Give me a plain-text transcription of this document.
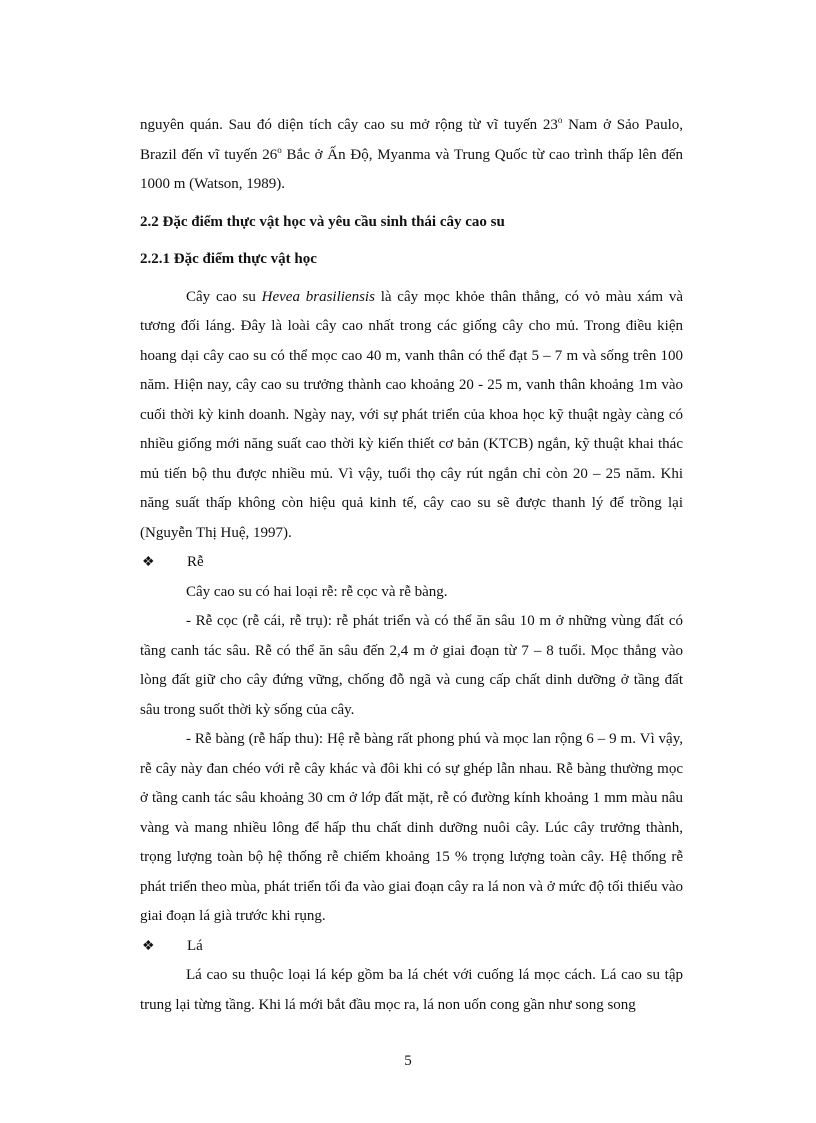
nguyên quán. Sau đó diện tích cây cao su mở rộng từ vĩ tuyến 23$^o$ Nam ở Sảo Paulo, Brazil đến vĩ tuyến 26$^o$ Bắc ở Ấn Độ, Myanma và Trung Quốc từ cao trình thấp lên đến 1000 m (Watson, 1989).

2.2 Đặc điểm thực vật học và yêu cầu sinh thái cây cao su
2.2.1 Đặc điểm thực vật học

Cây cao su Hevea brasiliensis là cây mọc khỏe thân thẳng, có vỏ màu xám và tương đối láng. Đây là loài cây cao nhất trong các giống cây cho mủ. Trong điều kiện hoang dại cây cao su có thể mọc cao 40 m, vanh thân có thể đạt 5 – 7 m và sống trên 100 năm. Hiện nay, cây cao su trưởng thành cao khoảng 20 - 25 m, vanh thân khoảng 1m vào cuối thời kỳ kinh doanh. Ngày nay, với sự phát triển của khoa học kỹ thuật ngày càng có nhiều giống mới năng suất cao thời kỳ kiến thiết cơ bản (KTCB) ngắn, kỹ thuật khai thác mủ tiến bộ thu được nhiều mủ. Vì vậy, tuổi thọ cây rút ngắn chỉ còn 20 – 25 năm. Khi năng suất thấp không còn hiệu quả kinh tế, cây cao su sẽ được thanh lý để trồng lại (Nguyễn Thị Huệ, 1997).

❖ Rễ

Cây cao su có hai loại rễ: rễ cọc và rễ bàng.

- Rễ cọc (rễ cái, rễ trụ): rễ phát triển và có thể ăn sâu 10 m ở những vùng đất có tầng canh tác sâu. Rễ có thể ăn sâu đến 2,4 m ở giai đoạn từ 7 – 8 tuổi. Mọc thẳng vào lòng đất giữ cho cây đứng vững, chống đỗ ngã và cung cấp chất dinh dưỡng ở tầng đất sâu trong suốt thời kỳ sống của cây.

- Rễ bàng (rễ hấp thu): Hệ rễ bàng rất phong phú và mọc lan rộng 6 – 9 m. Vì vậy, rễ cây này đan chéo với rễ cây khác và đôi khi có sự ghép lẫn nhau. Rễ bàng thường mọc ở tầng canh tác sâu khoảng 30 cm ở lớp đất mặt, rễ có đường kính khoảng 1 mm màu nâu vàng và mang nhiều lông để hấp thu chất dinh dưỡng nuôi cây. Lúc cây trưởng thành, trọng lượng toàn bộ hệ thống rễ chiếm khoảng 15 % trọng lượng toàn cây. Hệ thống rễ phát triển theo mùa, phát triển tối đa vào giai đoạn cây ra lá non và ở mức độ tối thiểu vào giai đoạn lá già trước khi rụng.

❖ Lá

Lá cao su thuộc loại lá kép gồm ba lá chét với cuống lá mọc cách. Lá cao su tập trung lại từng tầng. Khi lá mới bắt đầu mọc ra, lá non uốn cong gần như song song

5
